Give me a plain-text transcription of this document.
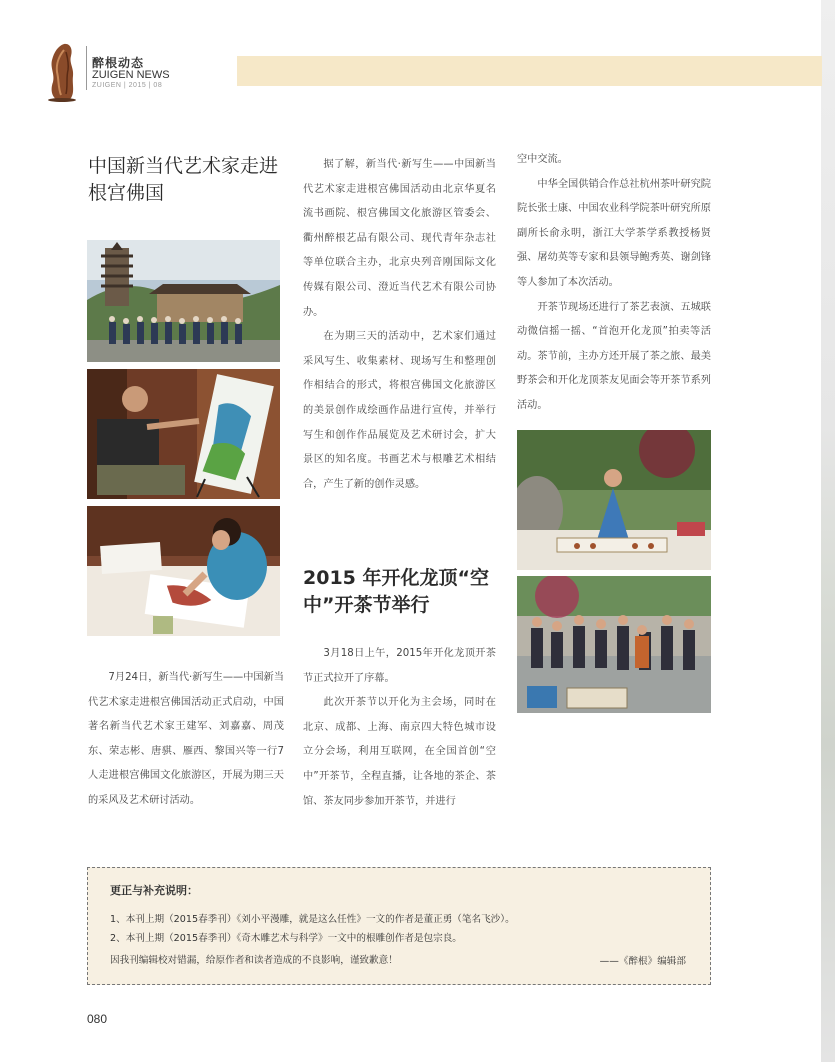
醉根动态
ZUIGEN NEWS
ZUIGEN | 2015 | 08
中国新当代艺术家走进根宫佛国

7月24日，新当代·新写生——中国新当代艺术家走进根宫佛国活动正式启动，中国著名新当代艺术家王建军、刘嘉嘉、周茂东、荣志彬、唐骐、雁西、黎国兴等一行7人走进根宫佛国文化旅游区，开展为期三天的采风及艺术研讨活动。

据了解，新当代·新写生——中国新当代艺术家走进根宫佛国活动由北京华夏名流书画院、根宫佛国文化旅游区管委会、衢州醉根艺品有限公司、现代青年杂志社等单位联合主办，北京央列音刚国际文化传媒有限公司、澄近当代艺术有限公司协办。

在为期三天的活动中，艺术家们通过采风写生、收集素材、现场写生和整理创作相结合的形式，将根宫佛国文化旅游区的美景创作成绘画作品进行宣传，并举行写生和创作作品展览及艺术研讨会，扩大景区的知名度。书画艺术与根雕艺术相结合，产生了新的创作灵感。

2015 年开化龙顶“空中”开茶节举行

3月18日上午，2015年开化龙顶开茶节正式拉开了序幕。

此次开茶节以开化为主会场，同时在北京、成都、上海、南京四大特色城市设立分会场，利用互联网，在全国首创“空中”开茶节，全程直播，让各地的茶企、茶馆、茶友同步参加开茶节，并进行

空中交流。

中华全国供销合作总社杭州茶叶研究院院长张士康、中国农业科学院茶叶研究所原副所长俞永明，浙江大学茶学系教授杨贤强、屠幼英等专家和县领导鲍秀英、谢剑锋等人参加了本次活动。

开茶节现场还进行了茶艺表演、五城联动微信摇一摇、“首泡开化龙顶”拍卖等活动。茶节前，主办方还开展了茶之旅、最美野茶会和开化龙顶茶友见面会等开茶节系列活动。

更正与补充说明：
1、本刊上期（2015春季刊）《刘小平漫雕，就是这么任性》一文的作者是董正勇（笔名飞沙）。
2、本刊上期（2015春季刊）《奇木雕艺术与科学》一文中的根雕创作者是包宗良。
因我刊编辑校对错漏，给原作者和读者造成的不良影响，谨致歉意！	——《醉根》编辑部
080
